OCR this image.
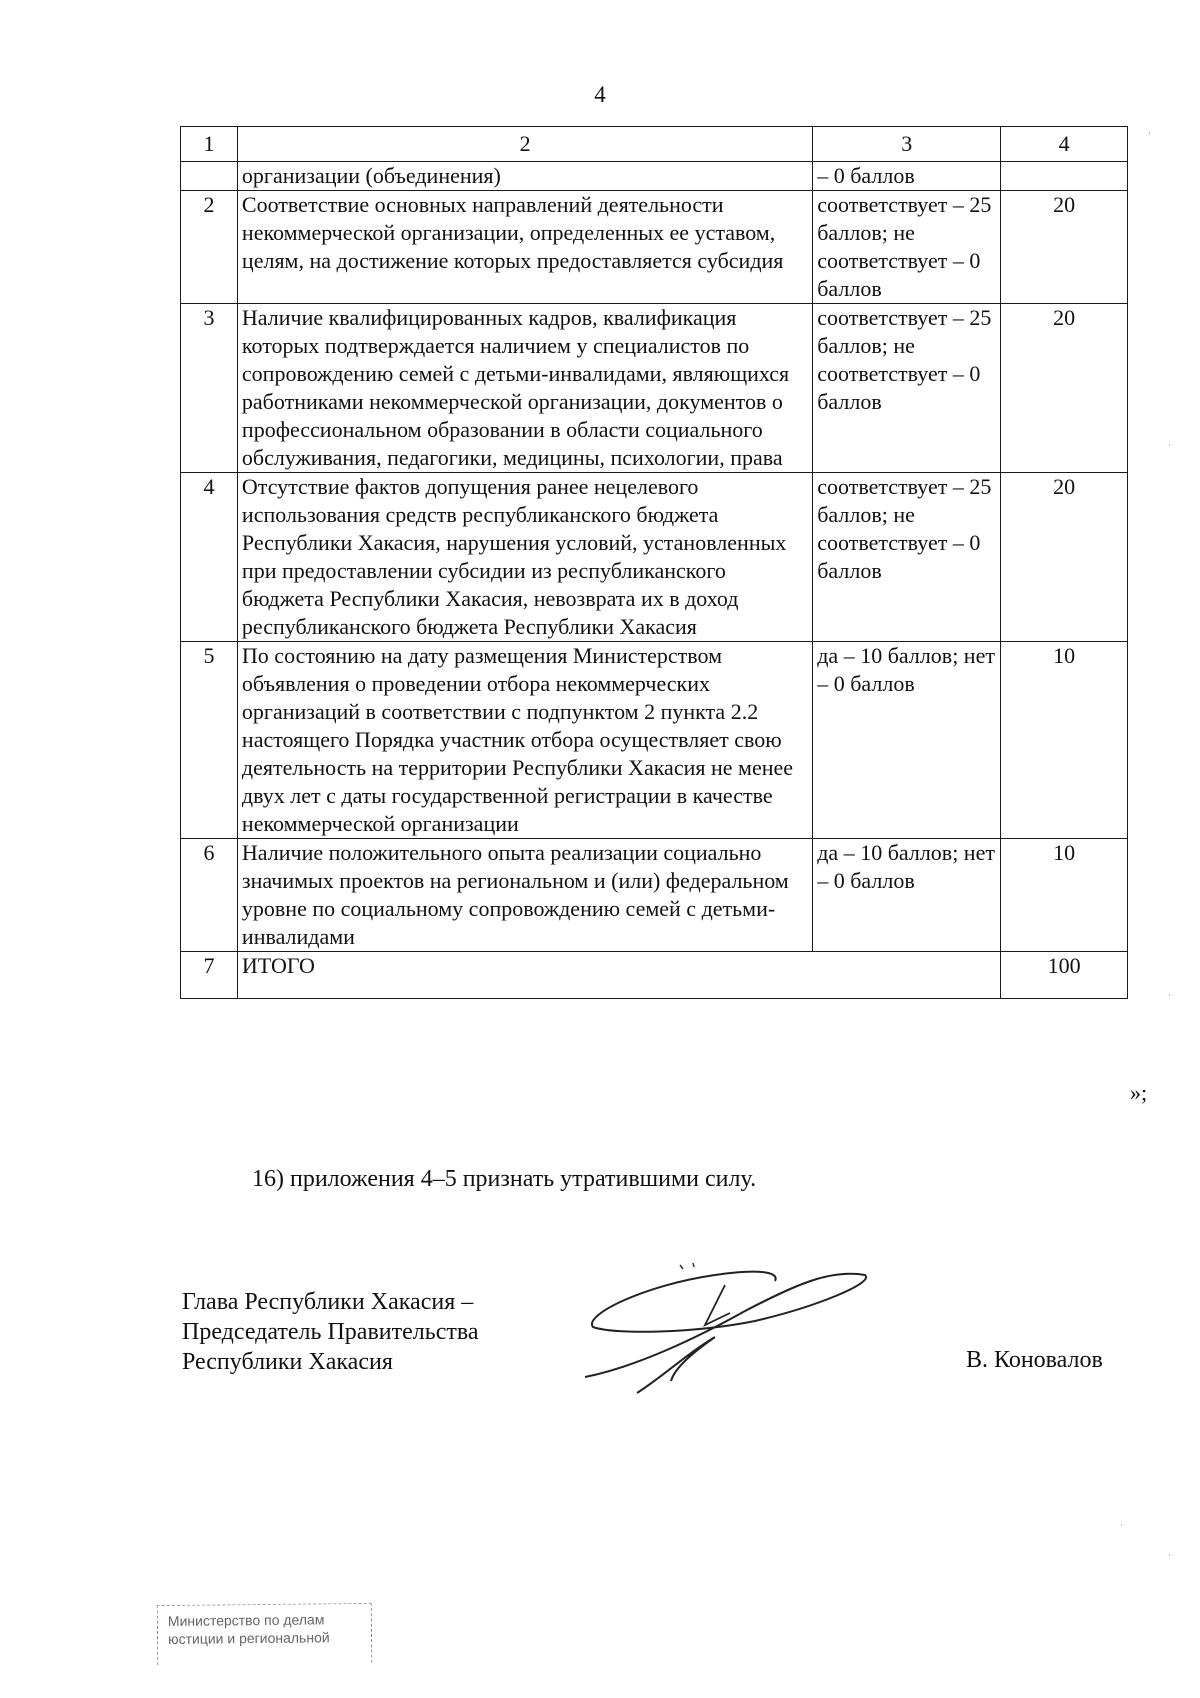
4
1	2	3	4
	организации (объединения)	– 0 баллов	
2	Соответствие основных направлений деятельности некоммерческой организации, определенных ее уставом, целям, на достижение которых предоставляется субсидия	соответствует – 25 баллов; не соответствует – 0 баллов	20
3	Наличие квалифицированных кадров, квалификация которых подтверждается наличием у специалистов по сопровождению семей с детьми-инвалидами, являющихся работниками некоммерческой организации, документов о профессиональном образовании в области социального обслуживания, педагогики, медицины, психологии, права	соответствует – 25 баллов; не соответствует – 0 баллов	20
4	Отсутствие фактов допущения ранее нецелевого использования средств республиканского бюджета Республики Хакасия, нарушения условий, установленных при предоставлении субсидии из республиканского бюджета Республики Хакасия, невозврата их в доход республиканского бюджета Республики Хакасия	соответствует – 25 баллов; не соответствует – 0 баллов	20
5	По состоянию на дату размещения Министерством объявления о проведении отбора некоммерческих организаций в соответствии с подпунктом 2 пункта 2.2 настоящего Порядка участник отбора осуществляет свою деятельность на территории Республики Хакасия не менее двух лет с даты государственной регистрации в качестве некоммерческой организации	да – 10 баллов; нет – 0 баллов	10
6	Наличие положительного опыта реализации социально значимых проектов на региональном и (или) федеральном уровне по социальному сопровождению семей с детьми-инвалидами	да – 10 баллов; нет – 0 баллов	10
7	ИТОГО		100
»;
16) приложения 4–5 признать утратившими силу.
Глава Республики Хакасия –
Председатель Правительства
Республики Хакасия	В. Коновалов
Министерство по делам
юстиции и региональной
·
·
·
·
·
